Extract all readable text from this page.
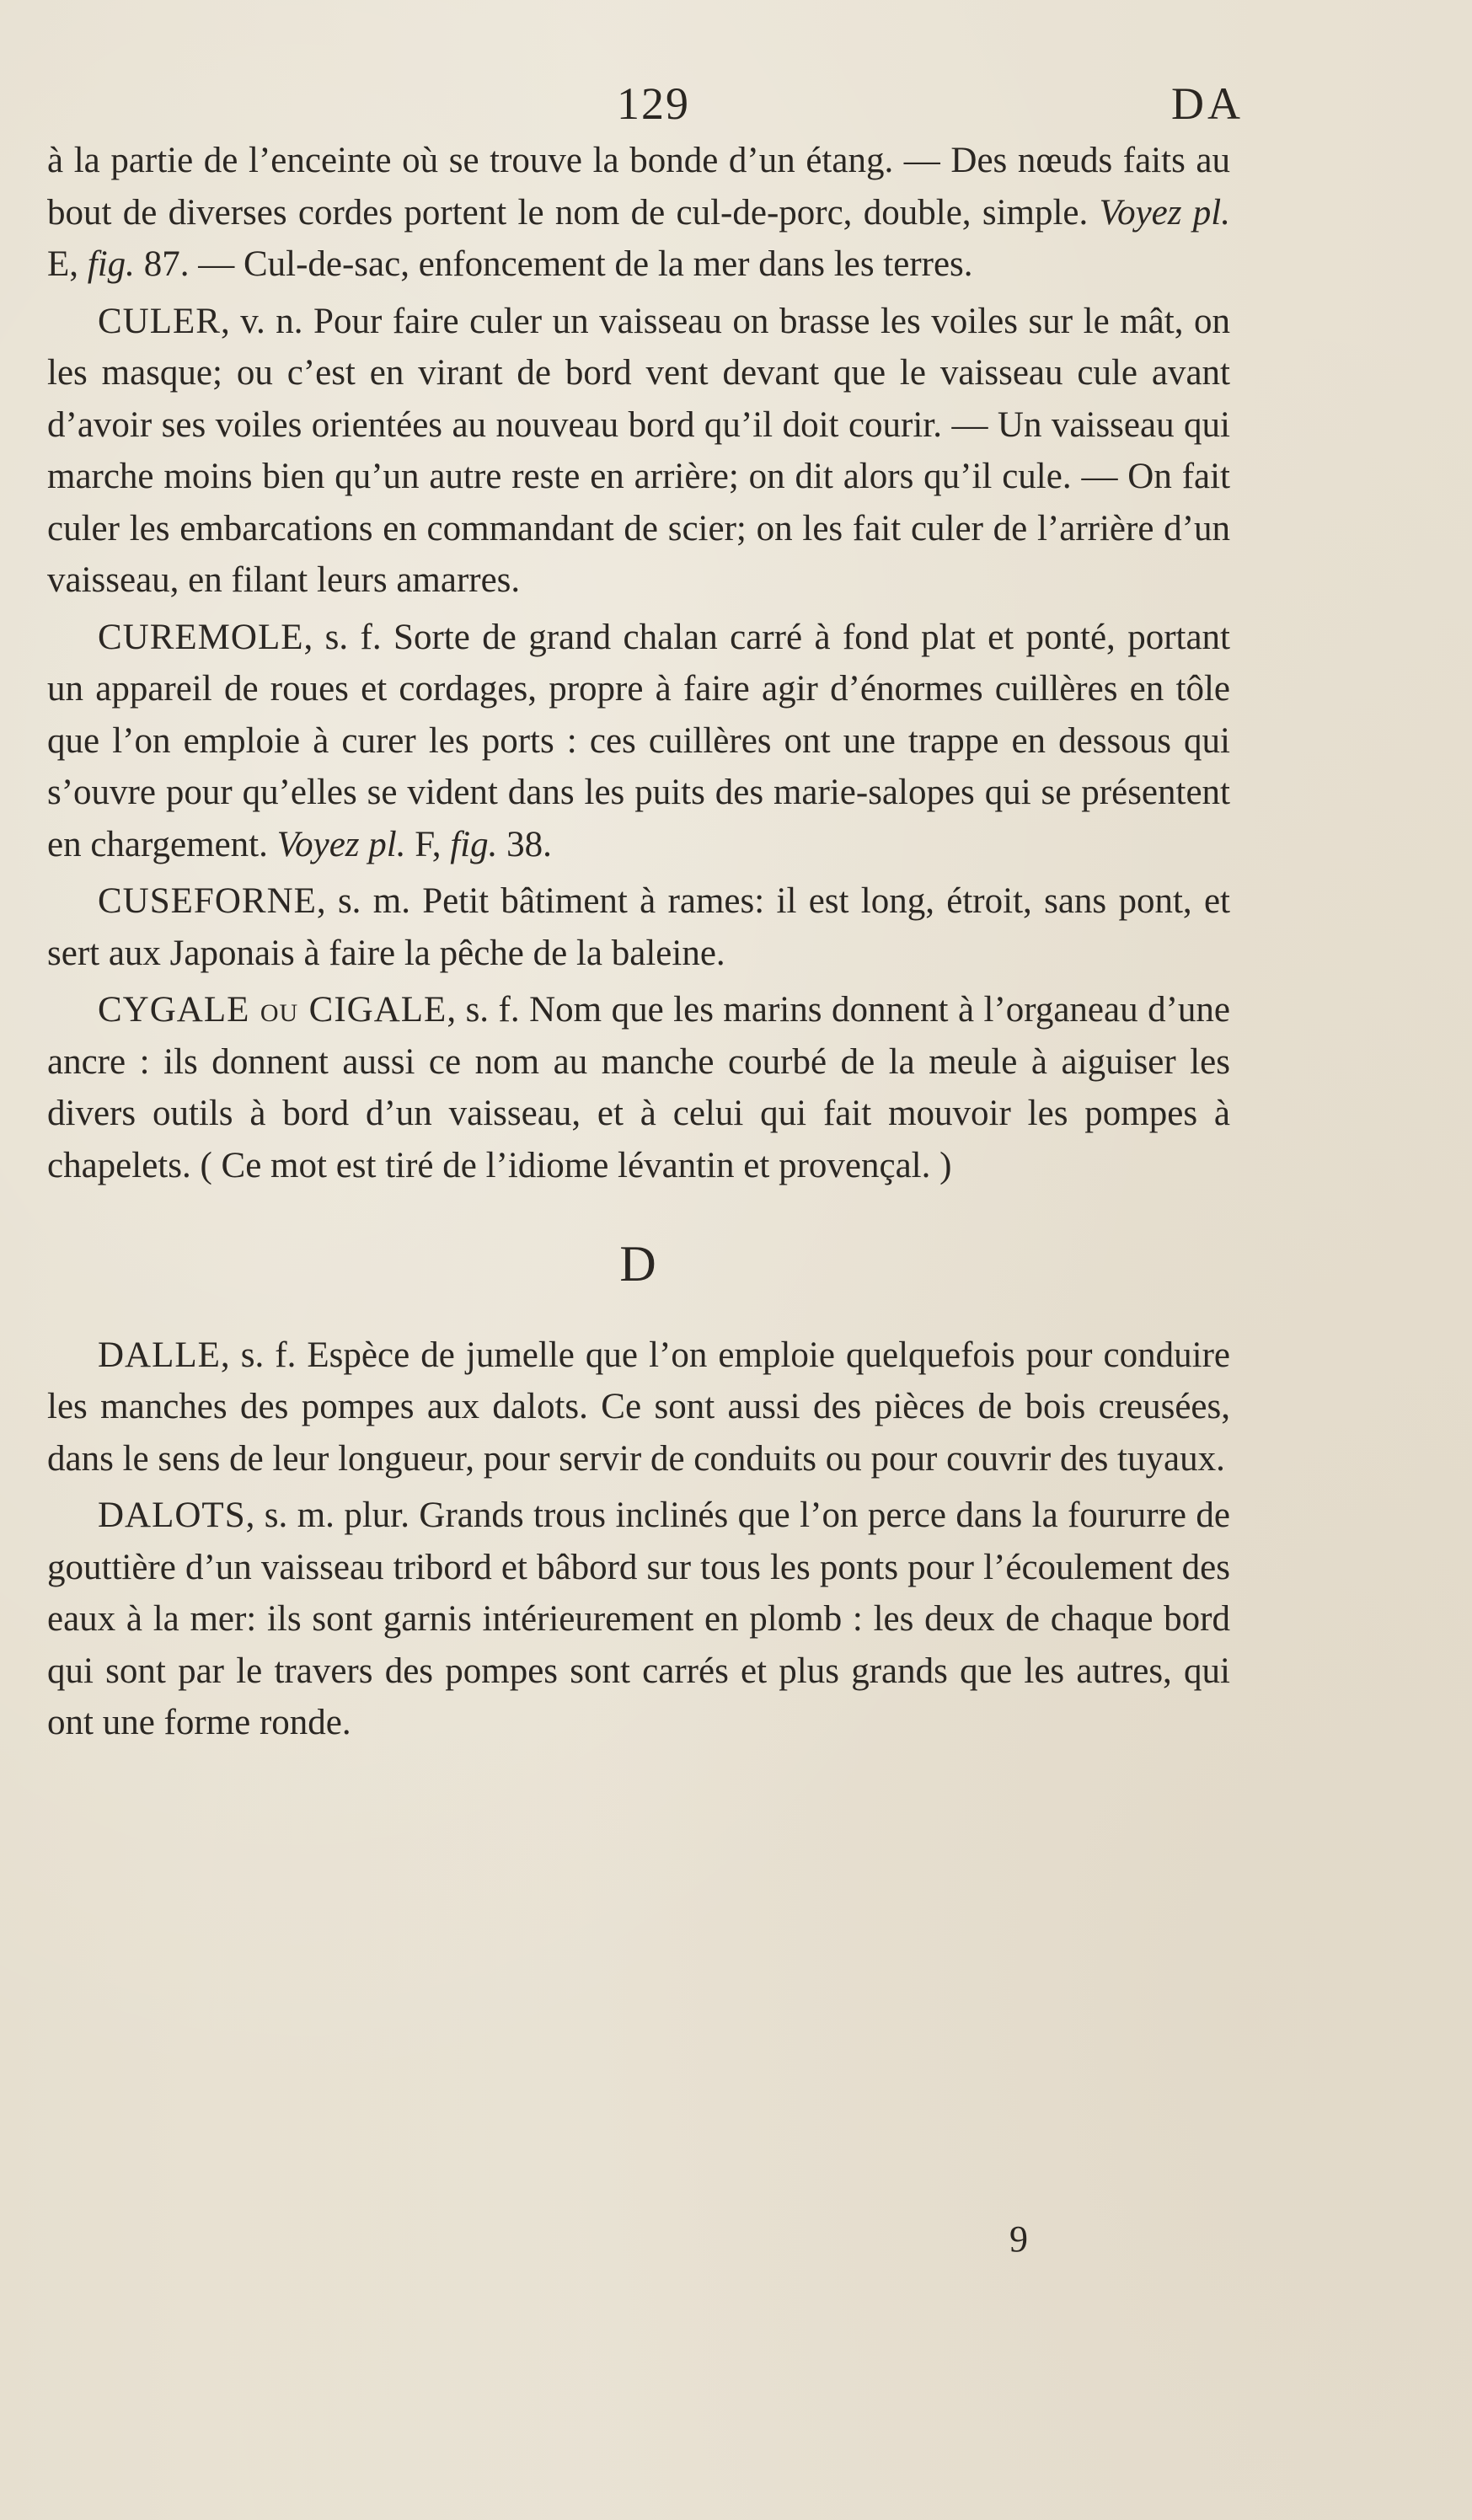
129	DA

à la partie de l’enceinte où se trouve la bonde d’un étang. — Des nœuds faits au bout de diverses cordes portent le nom de cul-de-porc, double, simple. Voyez pl. E, fig. 87. — Cul-de-sac, enfoncement de la mer dans les terres.

CULER, v. n. Pour faire culer un vaisseau on brasse les voiles sur le mât, on les masque; ou c’est en virant de bord vent devant que le vaisseau cule avant d’avoir ses voiles orientées au nouveau bord qu’il doit courir. — Un vaisseau qui marche moins bien qu’un autre reste en arrière; on dit alors qu’il cule. — On fait culer les embarcations en commandant de scier; on les fait culer de l’arrière d’un vaisseau, en filant leurs amarres.

CUREMOLE, s. f. Sorte de grand chalan carré à fond plat et ponté, portant un appareil de roues et cordages, propre à faire agir d’énormes cuillères en tôle que l’on emploie à curer les ports : ces cuillères ont une trappe en dessous qui s’ouvre pour qu’elles se vident dans les puits des marie-salopes qui se présentent en chargement. Voyez pl. F, fig. 38.

CUSEFORNE, s. m. Petit bâtiment à rames: il est long, étroit, sans pont, et sert aux Japonais à faire la pêche de la baleine.

CYGALE ou CIGALE, s. f. Nom que les marins donnent à l’organeau d’une ancre : ils donnent aussi ce nom au manche courbé de la meule à aiguiser les divers outils à bord d’un vaisseau, et à celui qui fait mouvoir les pompes à chapelets. ( Ce mot est tiré de l’idiome lévantin et provençal. )

D

DALLE, s. f. Espèce de jumelle que l’on emploie quelquefois pour conduire les manches des pompes aux dalots. Ce sont aussi des pièces de bois creusées, dans le sens de leur longueur, pour servir de conduits ou pour couvrir des tuyaux.

DALOTS, s. m. plur. Grands trous inclinés que l’on perce dans la foururre de gouttière d’un vaisseau tribord et bâbord sur tous les ponts pour l’écoulement des eaux à la mer: ils sont garnis intérieurement en plomb : les deux de chaque bord qui sont par le travers des pompes sont carrés et plus grands que les autres, qui ont une forme ronde.

9
